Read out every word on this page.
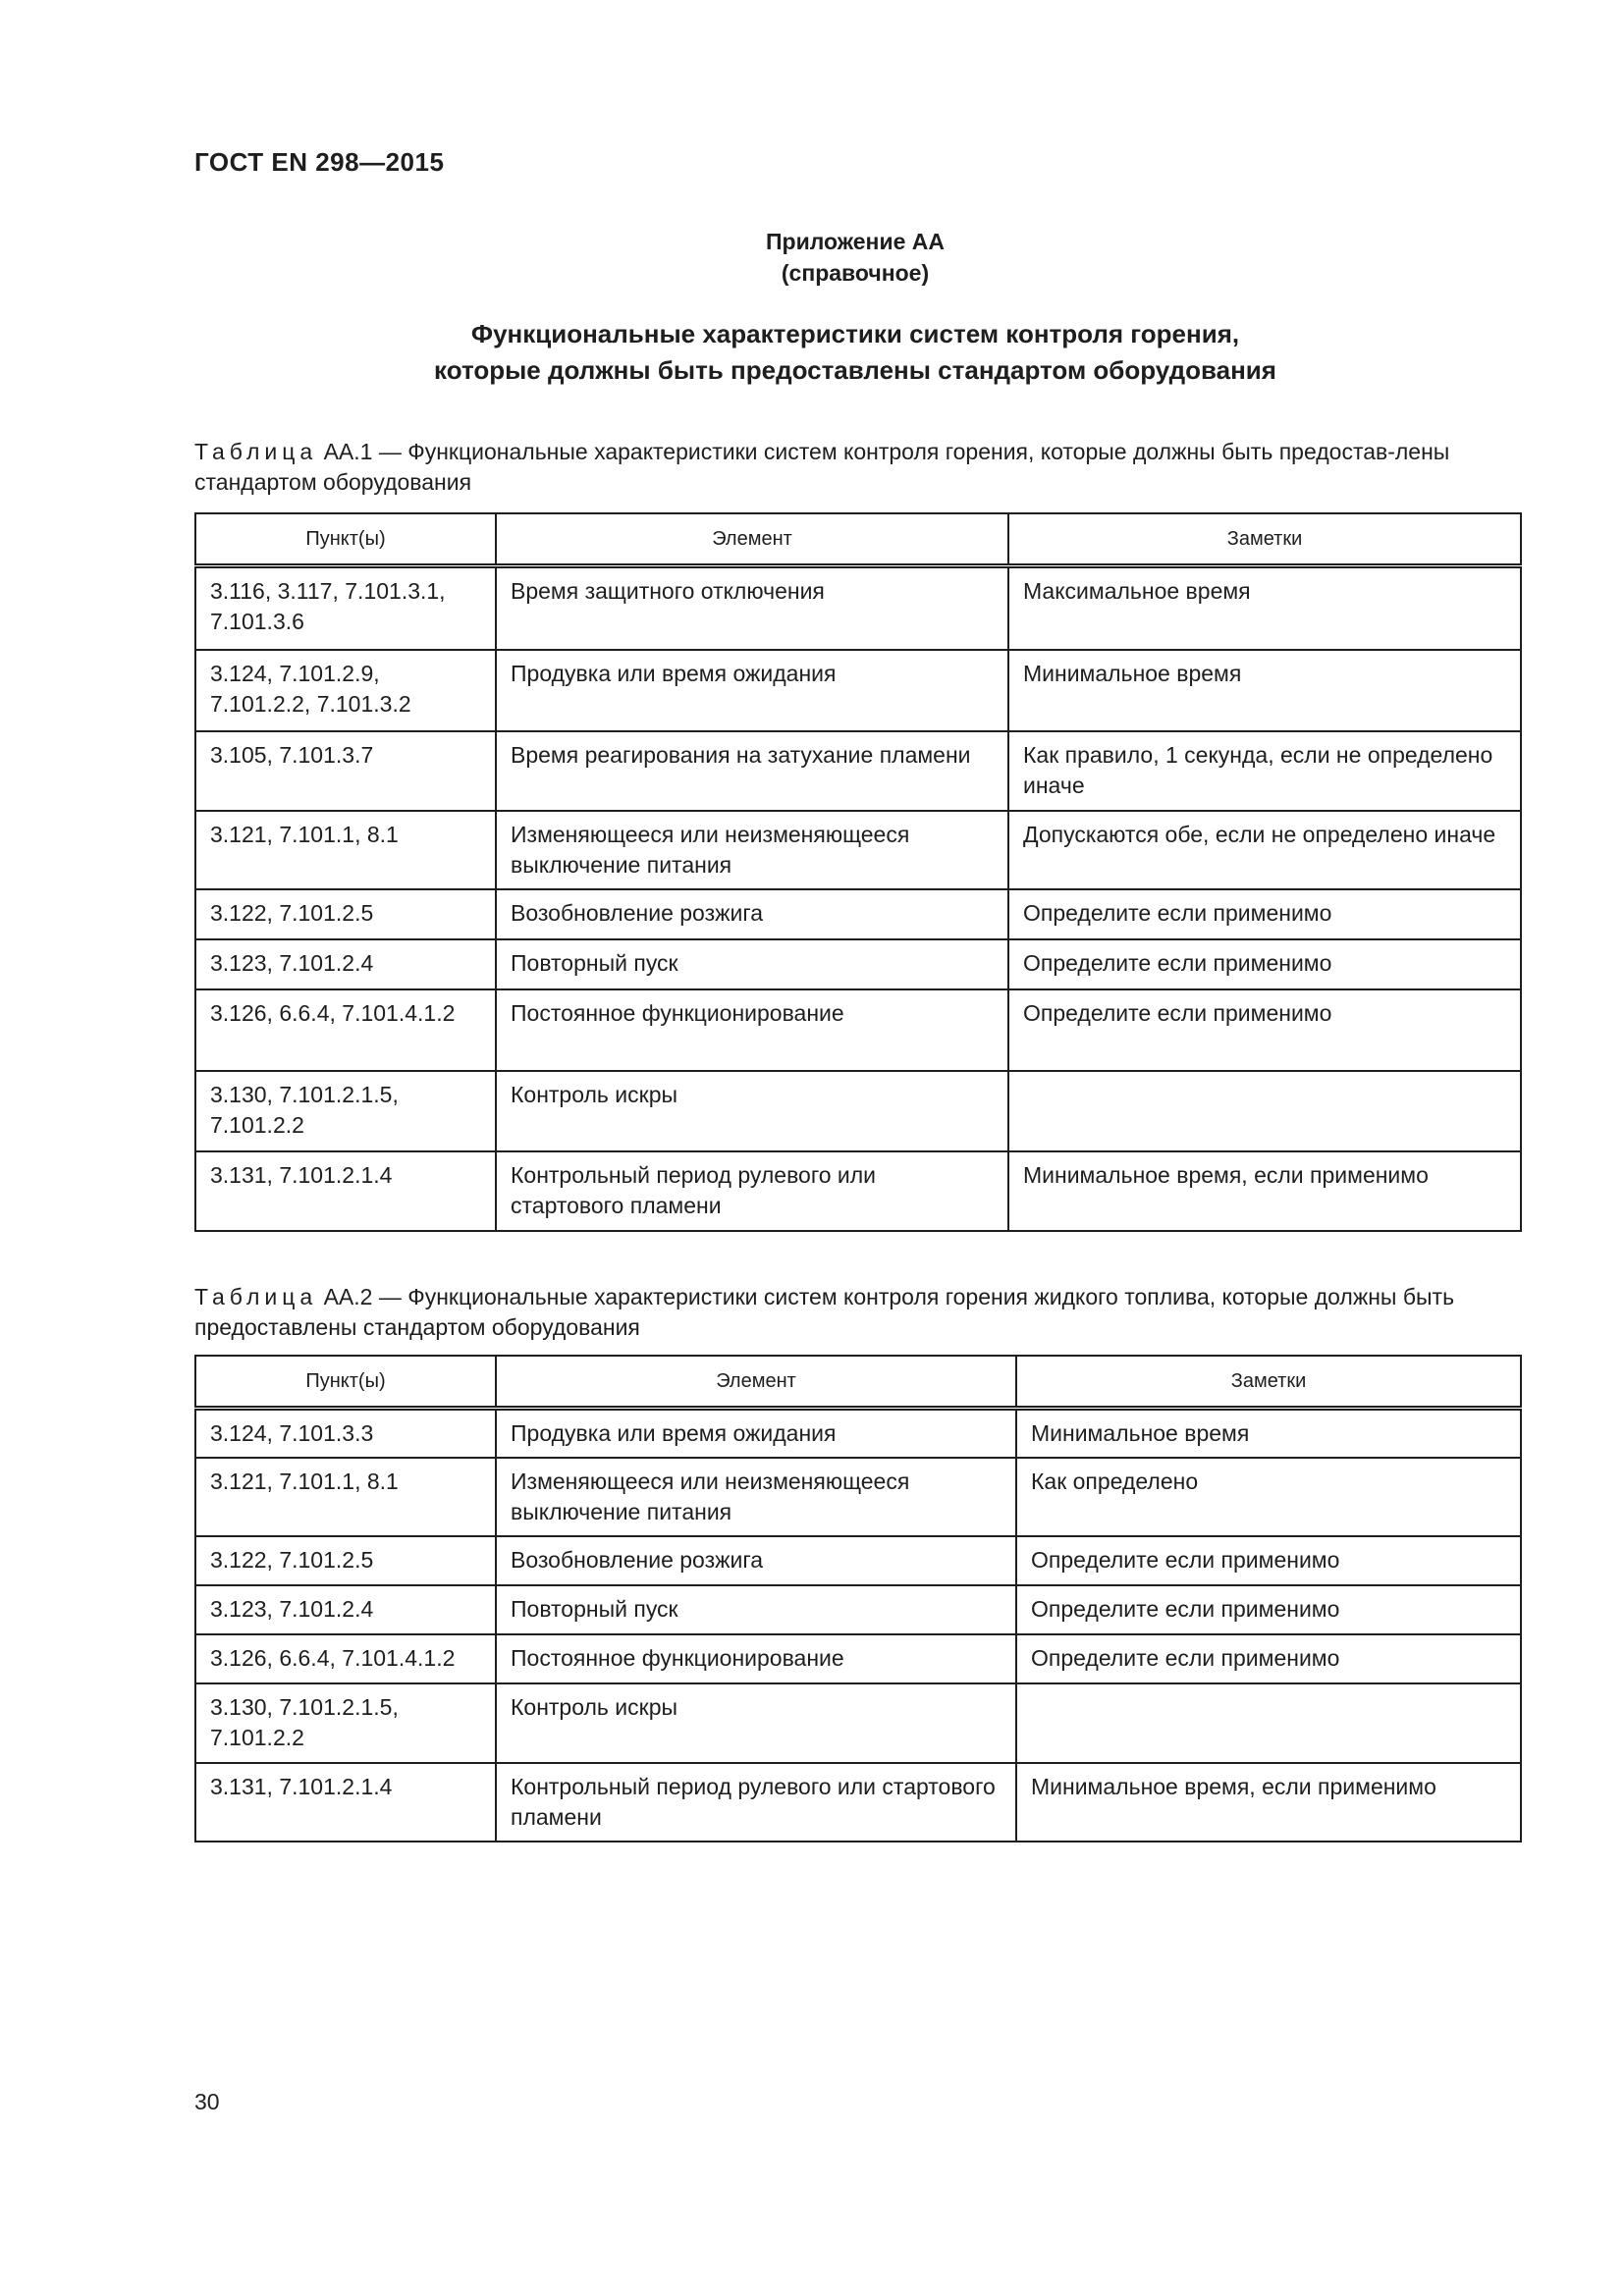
ГОСТ EN 298—2015
Приложение АА
(справочное)
Функциональные характеристики систем контроля горения,
которые должны быть предоставлены стандартом оборудования
Таблица АА.1 — Функциональные характеристики систем контроля горения, которые должны быть предостав-лены стандартом оборудования
Пункт(ы)	Элемент	Заметки
3.116, 3.117, 7.101.3.1, 7.101.3.6	Время защитного отключения	Максимальное время
3.124, 7.101.2.9, 7.101.2.2, 7.101.3.2	Продувка или время ожидания	Минимальное время
3.105, 7.101.3.7	Время реагирования на затухание пламени	Как правило, 1 секунда, если не определено иначе
3.121, 7.101.1, 8.1	Изменяющееся или неизменяющееся выключение питания	Допускаются обе, если не определено иначе
3.122, 7.101.2.5	Возобновление розжига	Определите если применимо
3.123, 7.101.2.4	Повторный пуск	Определите если применимо
3.126, 6.6.4, 7.101.4.1.2	Постоянное функционирование	Определите если применимо
3.130, 7.101.2.1.5, 7.101.2.2	Контроль искры	
3.131, 7.101.2.1.4	Контрольный период рулевого или стартового пламени	Минимальное время, если применимо
Таблица АА.2 — Функциональные характеристики систем контроля горения жидкого топлива, которые должны быть предоставлены стандартом оборудования
Пункт(ы)	Элемент	Заметки
3.124, 7.101.3.3	Продувка или время ожидания	Минимальное время
3.121, 7.101.1, 8.1	Изменяющееся или неизменяющееся выключение питания	Как определено
3.122, 7.101.2.5	Возобновление розжига	Определите если применимо
3.123, 7.101.2.4	Повторный пуск	Определите если применимо
3.126, 6.6.4, 7.101.4.1.2	Постоянное функционирование	Определите если применимо
3.130, 7.101.2.1.5, 7.101.2.2	Контроль искры	
3.131, 7.101.2.1.4	Контрольный период рулевого или стартового пламени	Минимальное время, если применимо
30
